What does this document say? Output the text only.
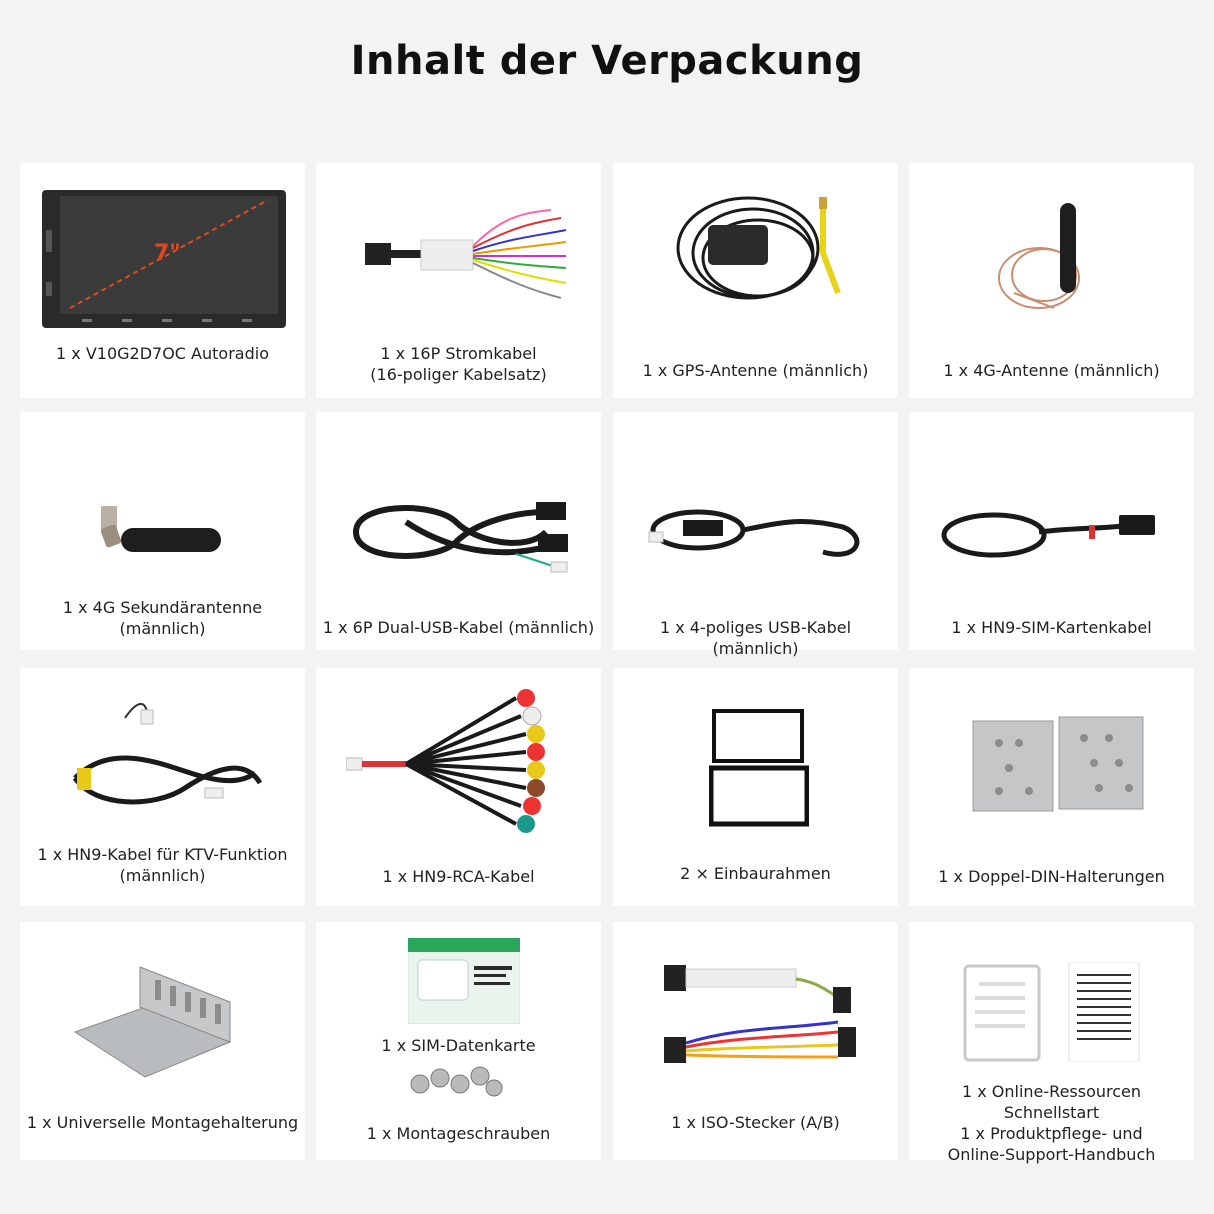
Inhalt der Verpackung
7"
1 x V10G2D7OC Autoradio	1 x 16P Stromkabel
(16-poliger Kabelsatz)	1 x GPS-Antenne (männlich)	1 x 4G-Antenne (männlich)
1 x 4G Sekundärantenne
(männlich)	1 x 6P Dual-USB-Kabel (männlich)	1 x 4-poliges USB-Kabel (männlich)
1 x HN9-SIM-Kartenkabel
1 x HN9-Kabel für KTV-Funktion
(männlich)	1 x HN9-RCA-Kabel	2 × Einbaurahmen	1 x Doppel-DIN-Halterungen
1 x Universelle Montagehalterung
1 x SIM-Datenkarte
1 x Montageschrauben
1 x ISO-Stecker (A/B)
1 x Online-Ressourcen Schnellstart
1 x Produktpflege- und
Online-Support-Handbuch
